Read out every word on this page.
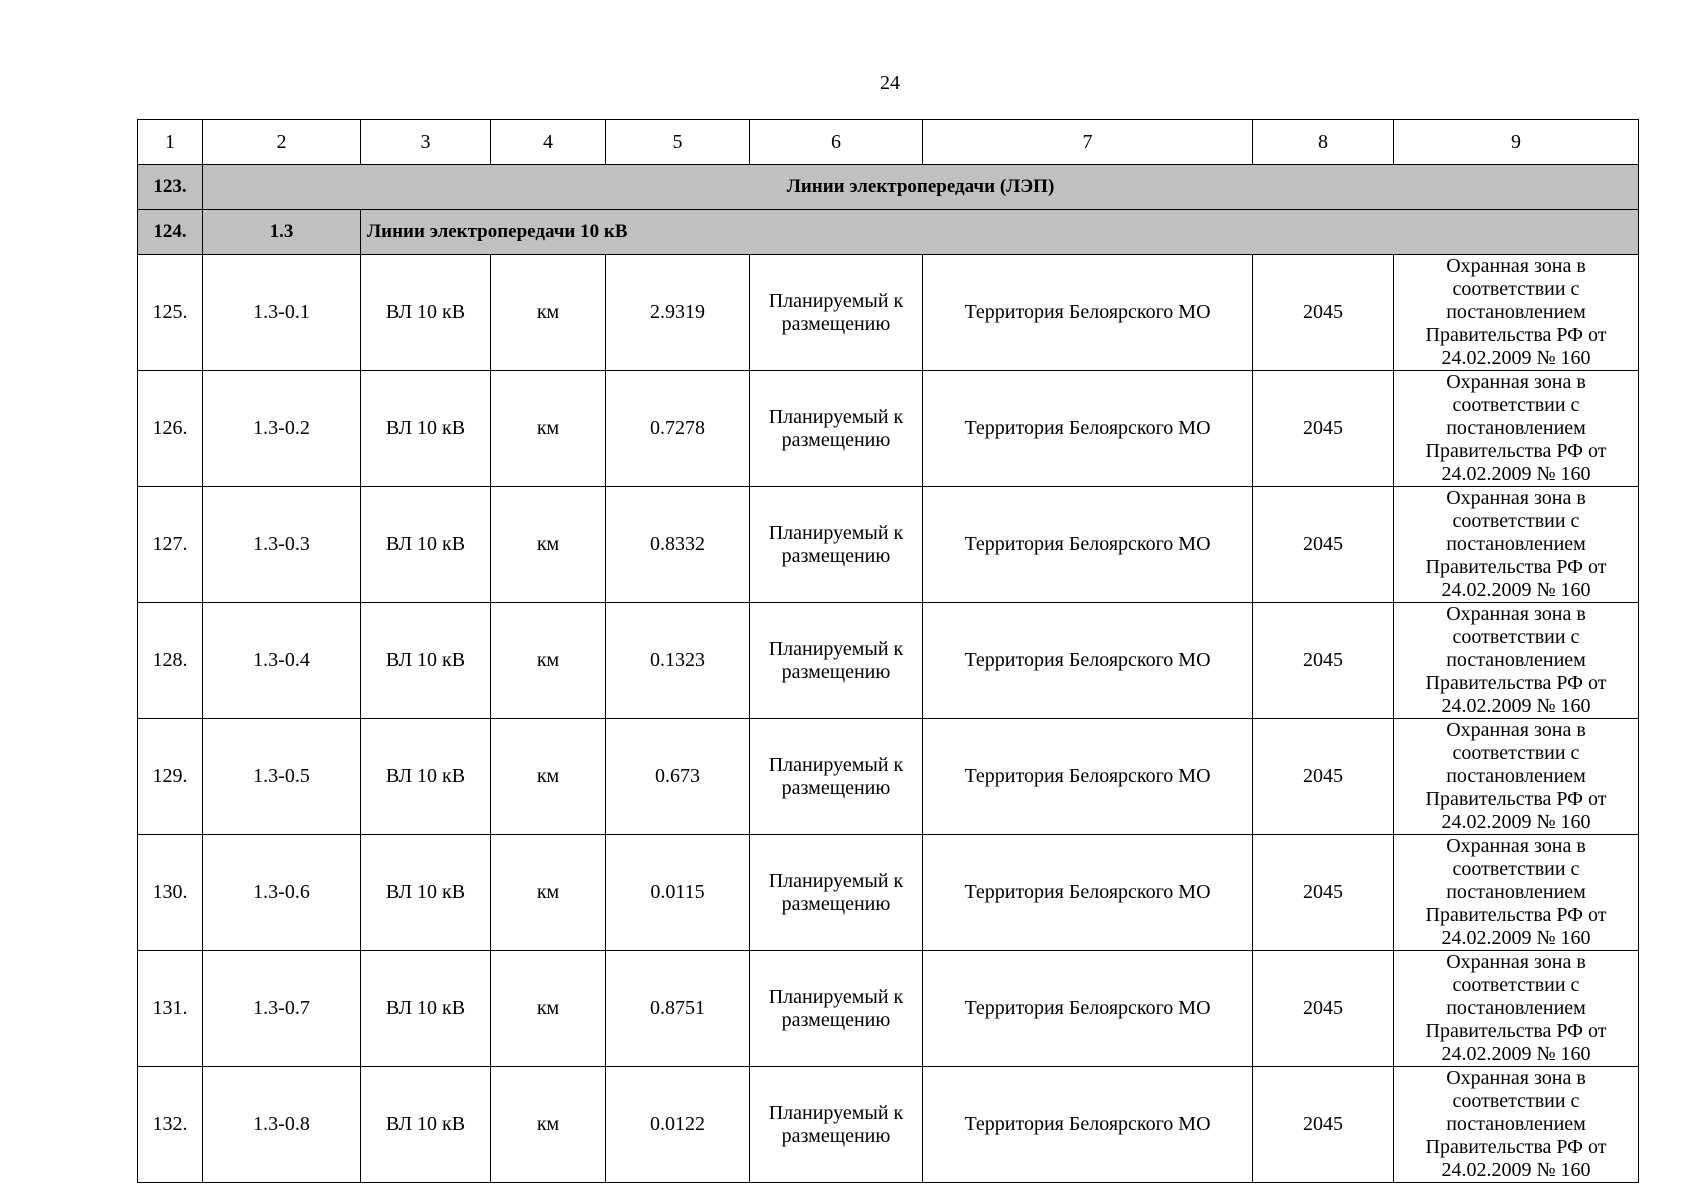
24
1	2	3	4	5	6	7	8	9
123.	Линии электропередачи (ЛЭП)							
124.	1.3	Линии электропередачи 10 кВ						
125.	1.3-0.1	ВЛ 10 кВ	км	2.9319	Планируемый к размещению	Территория Белоярского МО	2045	Охранная зона в соответствии с постановлением Правительства РФ от 24.02.2009 № 160
126.	1.3-0.2	ВЛ 10 кВ	км	0.7278	Планируемый к размещению	Территория Белоярского МО	2045	Охранная зона в соответствии с постановлением Правительства РФ от 24.02.2009 № 160
127.	1.3-0.3	ВЛ 10 кВ	км	0.8332	Планируемый к размещению	Территория Белоярского МО	2045	Охранная зона в соответствии с постановлением Правительства РФ от 24.02.2009 № 160
128.	1.3-0.4	ВЛ 10 кВ	км	0.1323	Планируемый к размещению	Территория Белоярского МО	2045	Охранная зона в соответствии с постановлением Правительства РФ от 24.02.2009 № 160
129.	1.3-0.5	ВЛ 10 кВ	км	0.673	Планируемый к размещению	Территория Белоярского МО	2045	Охранная зона в соответствии с постановлением Правительства РФ от 24.02.2009 № 160
130.	1.3-0.6	ВЛ 10 кВ	км	0.0115	Планируемый к размещению	Территория Белоярского МО	2045	Охранная зона в соответствии с постановлением Правительства РФ от 24.02.2009 № 160
131.	1.3-0.7	ВЛ 10 кВ	км	0.8751	Планируемый к размещению	Территория Белоярского МО	2045	Охранная зона в соответствии с постановлением Правительства РФ от 24.02.2009 № 160
132.	1.3-0.8	ВЛ 10 кВ	км	0.0122	Планируемый к размещению	Территория Белоярского МО	2045	Охранная зона в соответствии с постановлением Правительства РФ от 24.02.2009 № 160
